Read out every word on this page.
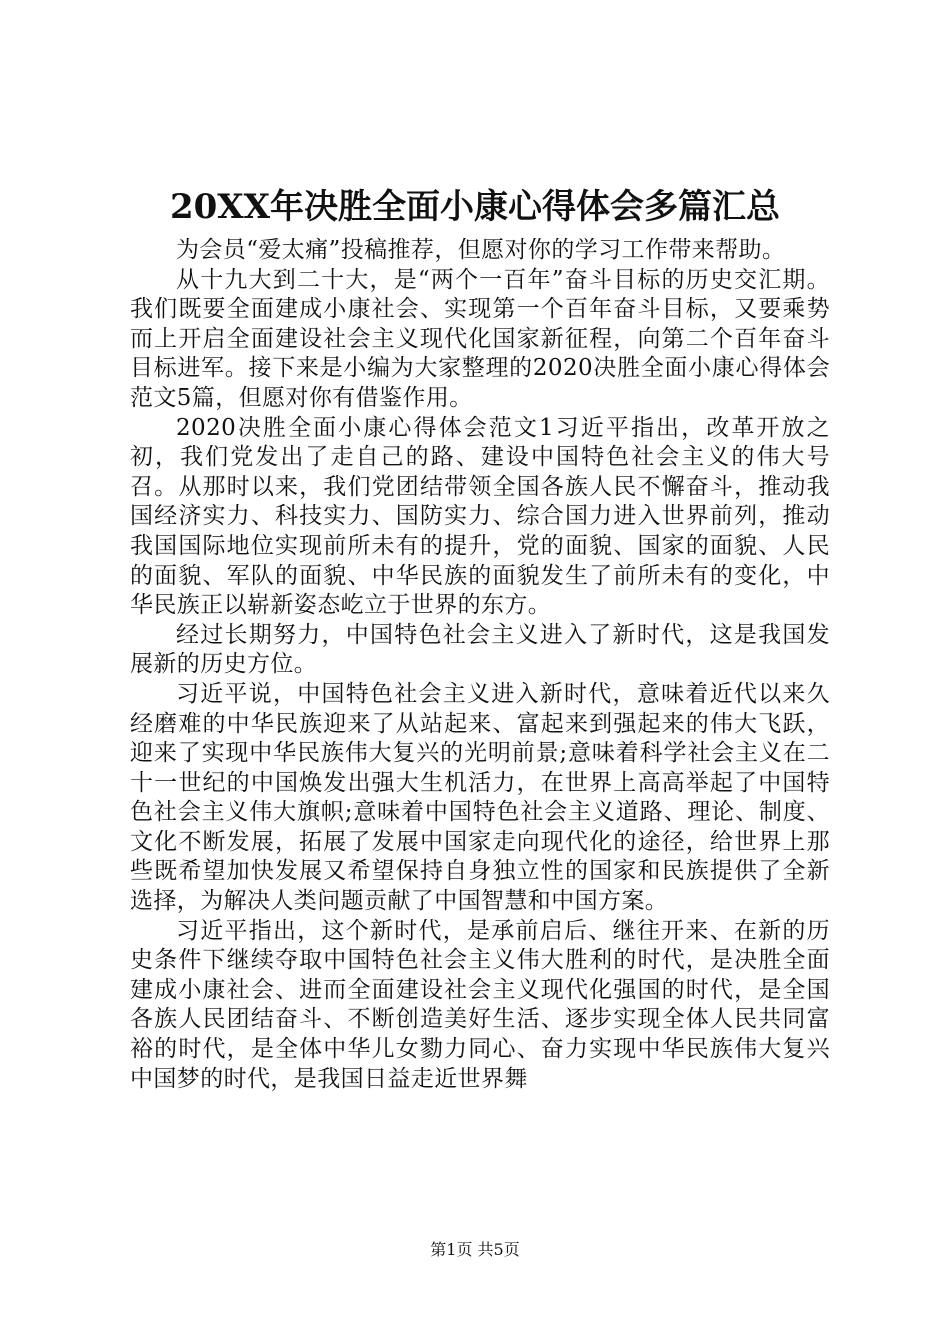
20XX年决胜全面小康心得体会多篇汇总

为会员“爱太痛”投稿推荐，但愿对你的学习工作带来帮助。

从十九大到二十大，是“两个一百年”奋斗目标的历史交汇期。我们既要全面建成小康社会、实现第一个百年奋斗目标，又要乘势而上开启全面建设社会主义现代化国家新征程，向第二个百年奋斗目标进军。接下来是小编为大家整理的2020决胜全面小康心得体会范文5篇，但愿对你有借鉴作用。

2020决胜全面小康心得体会范文1习近平指出，改革开放之初，我们党发出了走自己的路、建设中国特色社会主义的伟大号召。从那时以来，我们党团结带领全国各族人民不懈奋斗，推动我国经济实力、科技实力、国防实力、综合国力进入世界前列，推动我国国际地位实现前所未有的提升，党的面貌、国家的面貌、人民的面貌、军队的面貌、中华民族的面貌发生了前所未有的变化，中华民族正以崭新姿态屹立于世界的东方。

经过长期努力，中国特色社会主义进入了新时代，这是我国发展新的历史方位。

习近平说，中国特色社会主义进入新时代，意味着近代以来久经磨难的中华民族迎来了从站起来、富起来到强起来的伟大飞跃，迎来了实现中华民族伟大复兴的光明前景;意味着科学社会主义在二十一世纪的中国焕发出强大生机活力，在世界上高高举起了中国特色社会主义伟大旗帜;意味着中国特色社会主义道路、理论、制度、文化不断发展，拓展了发展中国家走向现代化的途径，给世界上那些既希望加快发展又希望保持自身独立性的国家和民族提供了全新选择，为解决人类问题贡献了中国智慧和中国方案。

习近平指出，这个新时代，是承前启后、继往开来、在新的历史条件下继续夺取中国特色社会主义伟大胜利的时代，是决胜全面建成小康社会、进而全面建设社会主义现代化强国的时代，是全国各族人民团结奋斗、不断创造美好生活、逐步实现全体人民共同富裕的时代，是全体中华儿女勠力同心、奋力实现中华民族伟大复兴中国梦的时代，是我国日益走近世界舞

第1页 共5页
